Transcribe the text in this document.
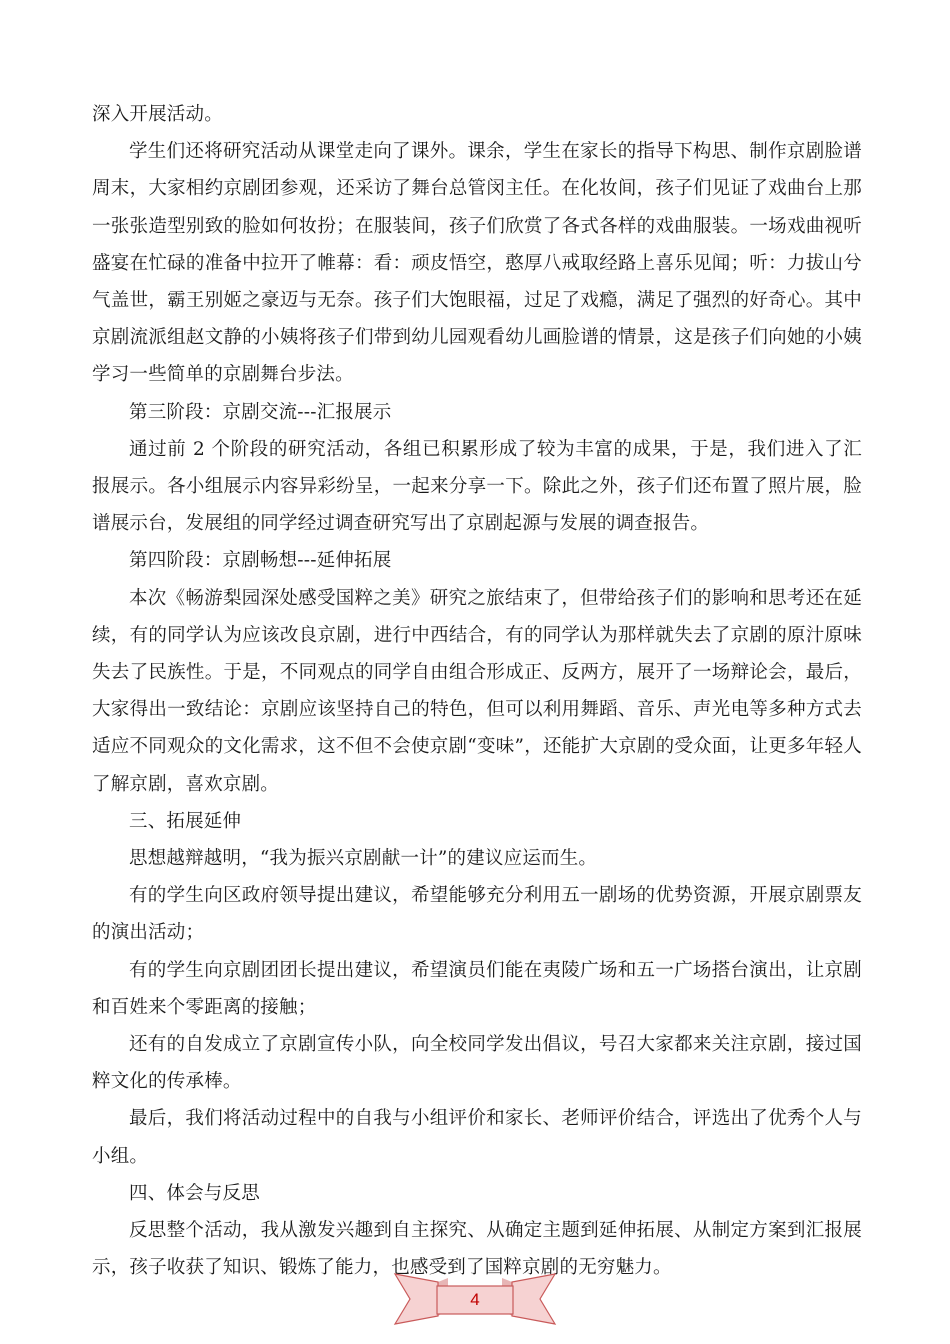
深入开展活动。

学生们还将研究活动从课堂走向了课外。课余，学生在家长的指导下构思、制作京剧脸谱周末，大家相约京剧团参观，还采访了舞台总管闵主任。在化妆间，孩子们见证了戏曲台上那一张张造型别致的脸如何妆扮；在服装间，孩子们欣赏了各式各样的戏曲服装。一场戏曲视听盛宴在忙碌的准备中拉开了帷幕：看：顽皮悟空，憨厚八戒取经路上喜乐见闻；听：力拔山兮气盖世，霸王别姬之豪迈与无奈。孩子们大饱眼福，过足了戏瘾，满足了强烈的好奇心。其中京剧流派组赵文静的小姨将孩子们带到幼儿园观看幼儿画脸谱的情景，这是孩子们向她的小姨学习一些简单的京剧舞台步法。

第三阶段：京剧交流---汇报展示

通过前 2 个阶段的研究活动，各组已积累形成了较为丰富的成果，于是，我们进入了汇报展示。各小组展示内容异彩纷呈，一起来分享一下。除此之外，孩子们还布置了照片展，脸谱展示台，发展组的同学经过调查研究写出了京剧起源与发展的调查报告。

第四阶段：京剧畅想---延伸拓展

本次《畅游梨园深处感受国粹之美》研究之旅结束了，但带给孩子们的影响和思考还在延续，有的同学认为应该改良京剧，进行中西结合，有的同学认为那样就失去了京剧的原汁原味失去了民族性。于是，不同观点的同学自由组合形成正、反两方，展开了一场辩论会，最后，大家得出一致结论：京剧应该坚持自己的特色，但可以利用舞蹈、音乐、声光电等多种方式去适应不同观众的文化需求，这不但不会使京剧“变味”，还能扩大京剧的受众面，让更多年轻人了解京剧，喜欢京剧。

三、拓展延伸

思想越辩越明，“我为振兴京剧献一计”的建议应运而生。

有的学生向区政府领导提出建议，希望能够充分利用五一剧场的优势资源，开展京剧票友的演出活动；

有的学生向京剧团团长提出建议，希望演员们能在夷陵广场和五一广场搭台演出，让京剧和百姓来个零距离的接触；

还有的自发成立了京剧宣传小队，向全校同学发出倡议，号召大家都来关注京剧，接过国粹文化的传承棒。

最后，我们将活动过程中的自我与小组评价和家长、老师评价结合，评选出了优秀个人与小组。

四、体会与反思

反思整个活动，我从激发兴趣到自主探究、从确定主题到延伸拓展、从制定方案到汇报展示，孩子收获了知识、锻炼了能力，也感受到了国粹京剧的无穷魅力。

4
